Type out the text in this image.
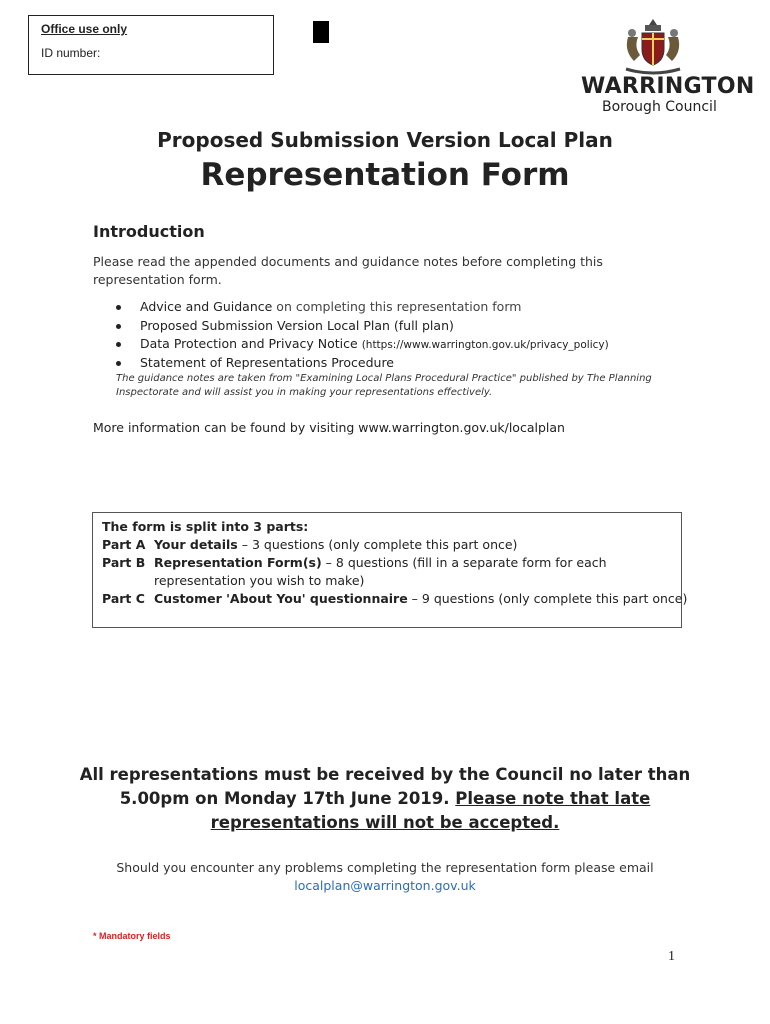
Office use only
ID number:
WARRINGTON
Borough Council
Proposed Submission Version Local Plan
Representation Form
Introduction
Please read the appended documents and guidance notes before completing this representation form.
Advice and Guidance on completing this representation form
Proposed Submission Version Local Plan (full plan)
Data Protection and Privacy Notice (https://www.warrington.gov.uk/privacy_policy)
Statement of Representations Procedure
The guidance notes are taken from "Examining Local Plans Procedural Practice" published by The Planning Inspectorate and will assist you in making your representations effectively.
More information can be found by visiting www.warrington.gov.uk/localplan
The form is split into 3 parts:
Part A Your details – 3 questions (only complete this part once)
Part B Representation Form(s) – 8 questions (fill in a separate form for each
representation you wish to make)
Part C Customer 'About You' questionnaire – 9 questions (only complete this part once)
All representations must be received by the Council no later than
5.00pm on Monday 17th June 2019. Please note that late
representations will not be accepted.
Should you encounter any problems completing the representation form please email
localplan@warrington.gov.uk
* Mandatory fields
1
